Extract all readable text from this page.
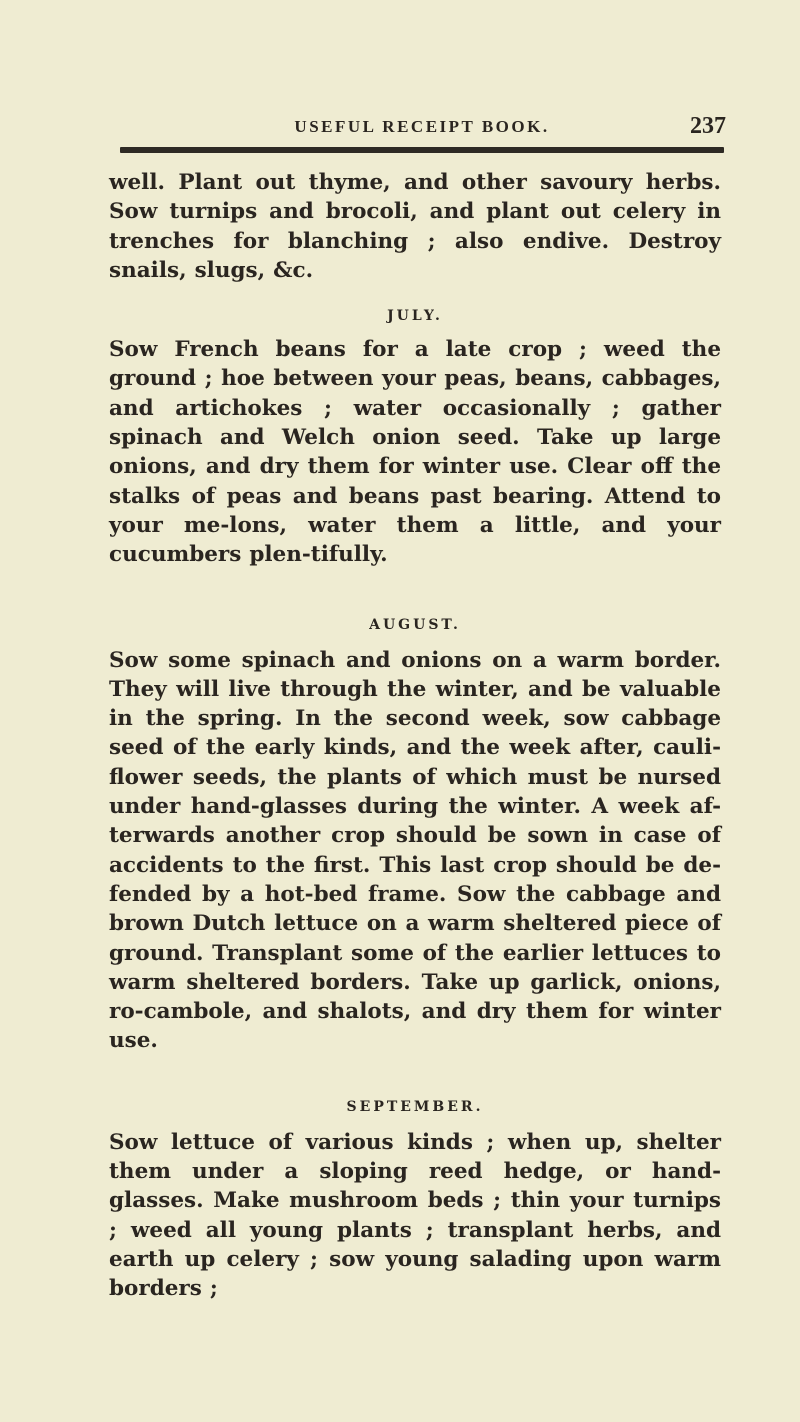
USEFUL RECEIPT BOOK.	237

well. Plant out thyme, and other savoury herbs. Sow turnips and brocoli, and plant out celery in trenches for blanching ; also endive. Destroy snails, slugs, &c.

JULY.

Sow French beans for a late crop ; weed the ground ; hoe between your peas, beans, cabbages, and artichokes ; water occasionally ; gather spinach and Welch onion seed. Take up large onions, and dry them for winter use. Clear off the stalks of peas and beans past bearing. Attend to your me-lons, water them a little, and your cucumbers plen-tifully.

AUGUST.

Sow some spinach and onions on a warm border. They will live through the winter, and be valuable in the spring. In the second week, sow cabbage seed of the early kinds, and the week after, cauli-flower seeds, the plants of which must be nursed under hand-glasses during the winter. A week af-terwards another crop should be sown in case of accidents to the first. This last crop should be de-fended by a hot-bed frame. Sow the cabbage and brown Dutch lettuce on a warm sheltered piece of ground. Transplant some of the earlier lettuces to warm sheltered borders. Take up garlick, onions, ro-cambole, and shalots, and dry them for winter use.

SEPTEMBER.

Sow lettuce of various kinds ; when up, shelter them under a sloping reed hedge, or hand-glasses. Make mushroom beds ; thin your turnips ; weed all young plants ; transplant herbs, and earth up celery ; sow young salading upon warm borders ;
